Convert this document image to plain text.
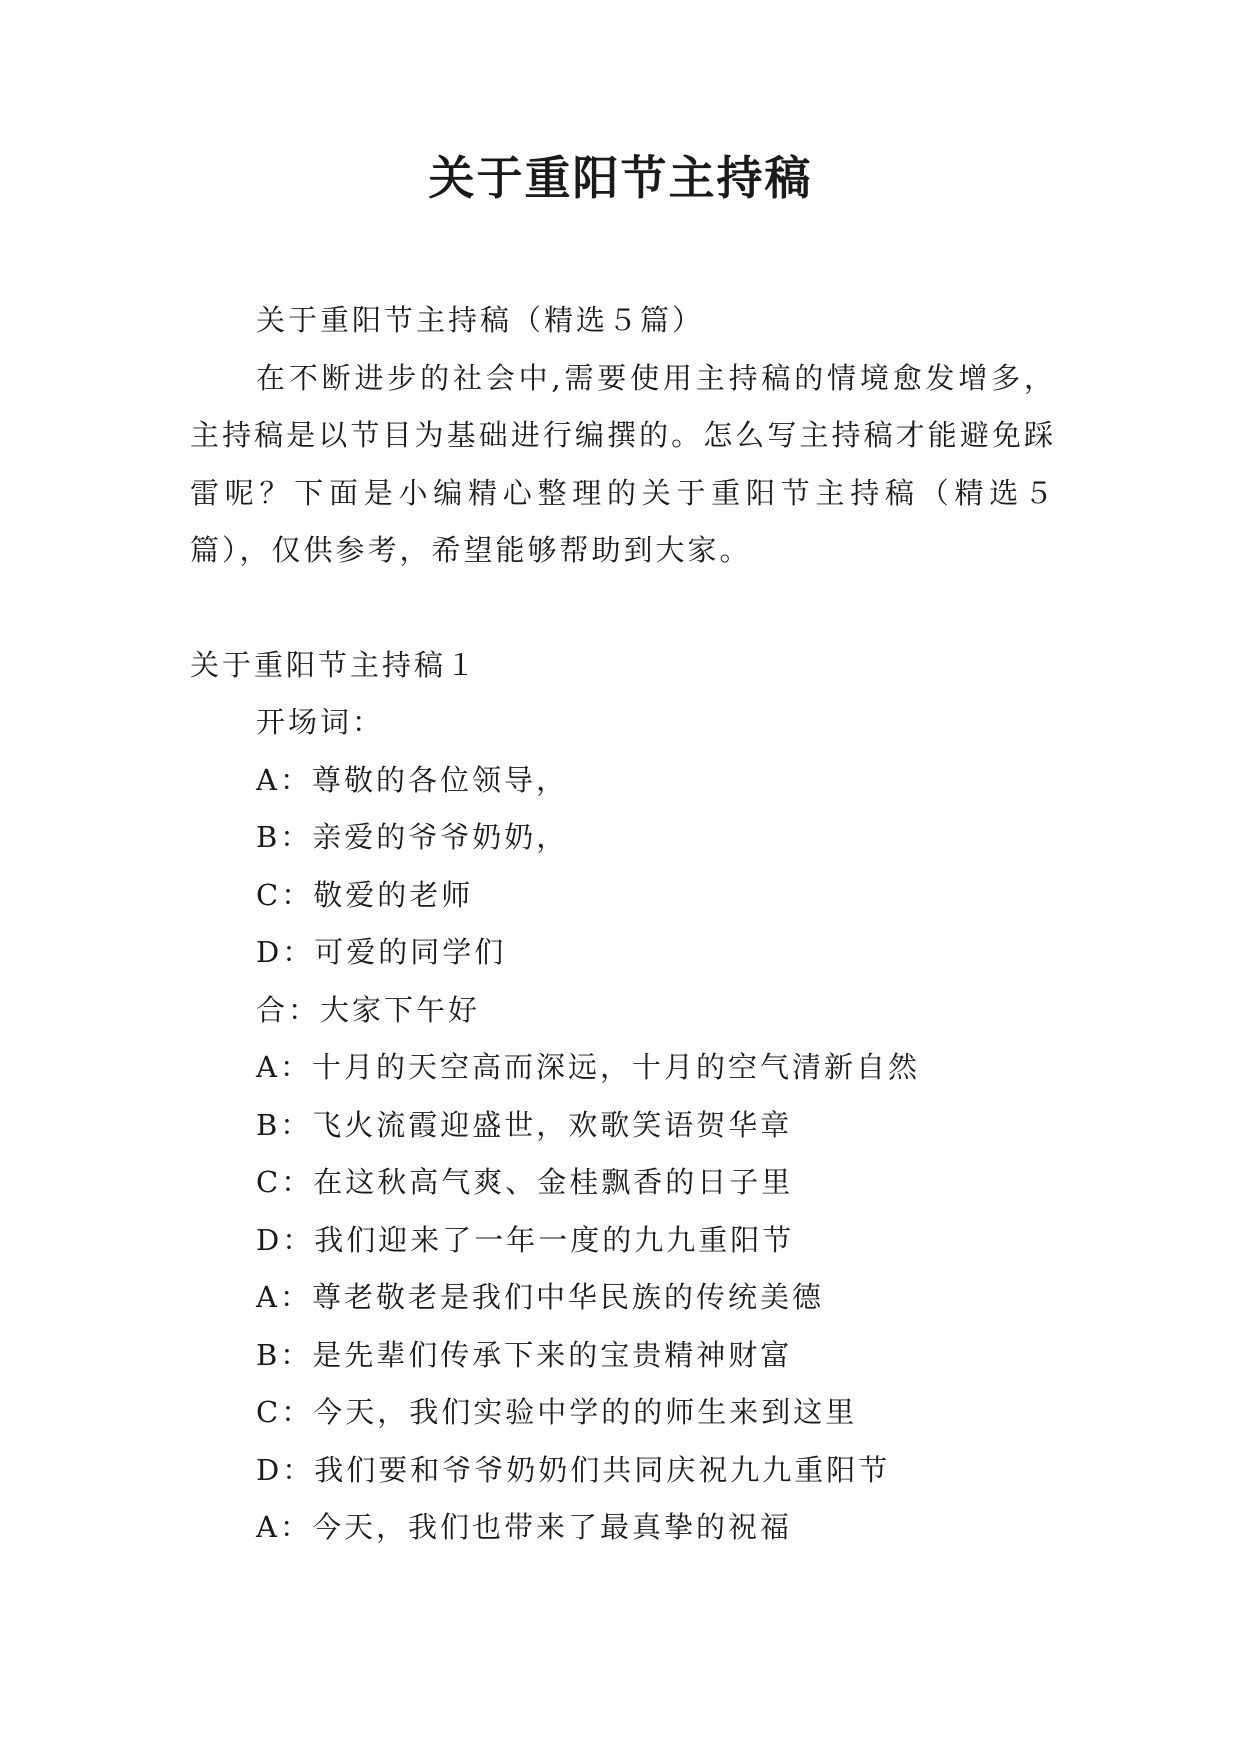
关于重阳节主持稿

关于重阳节主持稿（精选５篇）

在不断进步的社会中,需要使用主持稿的情境愈发增多，主持稿是以节目为基础进行编撰的。怎么写主持稿才能避免踩雷呢？下面是小编精心整理的关于重阳节主持稿（精选５篇），仅供参考，希望能够帮助到大家。

关于重阳节主持稿１

开场词：

A：尊敬的各位领导，

B：亲爱的爷爷奶奶，

C：敬爱的老师

D：可爱的同学们

合：大家下午好

A：十月的天空高而深远，十月的空气清新自然

B：飞火流霞迎盛世，欢歌笑语贺华章

C：在这秋高气爽、金桂飘香的日子里

D：我们迎来了一年一度的九九重阳节

A：尊老敬老是我们中华民族的传统美德

B：是先辈们传承下来的宝贵精神财富

C：今天，我们实验中学的的师生来到这里

D：我们要和爷爷奶奶们共同庆祝九九重阳节

A：今天，我们也带来了最真挚的祝福
